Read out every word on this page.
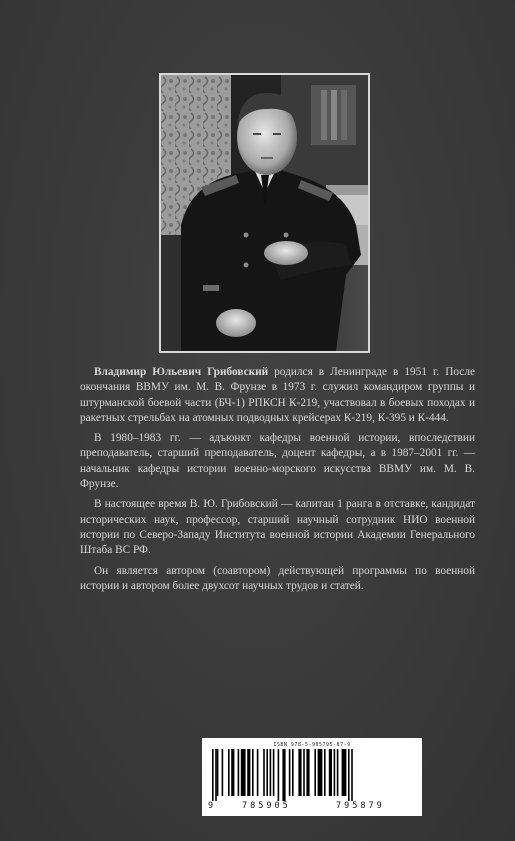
Владимир Юльевич Грибовский родился в Ленинграде в 1951 г. После окончания ВВМУ им. М. В. Фрунзе в 1973 г. служил командиром группы и штурманской боевой части (БЧ-1) РПКСН К-219, участвовал в боевых походах и ракетных стрельбах на атомных подводных крейсерах К-219, К-395 и К-444.

В 1980–1983 гг. — адъюнкт кафедры военной истории, впоследствии преподаватель, старший преподаватель, доцент кафедры, а в 1987–2001 гг. — начальник кафедры истории военно-морского искусства ВВМУ им. М. В. Фрунзе.

В настоящее время В. Ю. Грибовский — капитан 1 ранга в отставке, кандидат исторических наук, профессор, старший научный сотрудник НИО военной истории по Северо-Западу Института военной истории Академии Генерального Штаба ВС РФ.

Он является автором (соавтором) действующей программы по военной истории и автором более двухсот научных трудов и статей.

ISBN 978-5-905795-87-9
9	785905	795879
